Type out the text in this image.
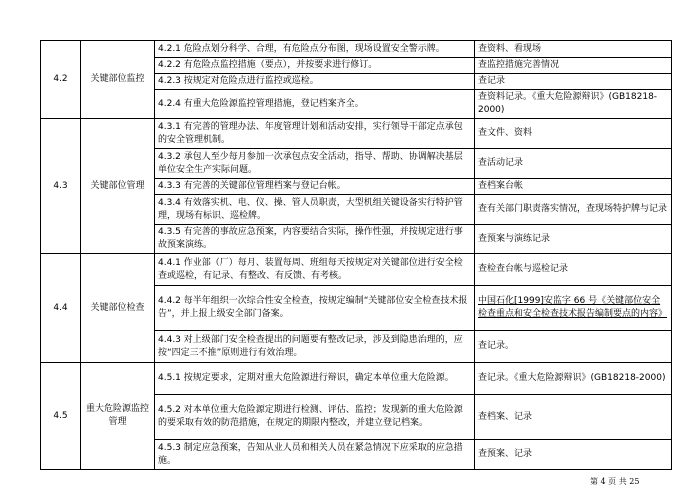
4.2	关键部位监控	4.2.1 危险点划分科学、合理，有危险点分布图，现场设置安全警示牌。	查资料、看现场
		4.2.2 有危险点监控措施（要点），并按要求进行修订。	查监控措施完善情况
		4.2.3 按规定对危险点进行监控或巡检。	查记录
		4.2.4 有重大危险源监控管理措施，登记档案齐全。	查资料记录。《重大危险源辩识》(GB18218-2000)
4.3	关键部位管理	4.3.1 有完善的管理办法、年度管理计划和活动安排，实行领导干部定点承包的安全管理机制。	查文件、资料
		4.3.2 承包人至少每月参加一次承包点安全活动，指导、帮助、协调解决基层单位安全生产实际问题。	查活动记录
		4.3.3 有完善的关键部位管理档案与登记台帐。	查档案台帐
		4.3.4 有效落实机、电、仪、操、管人员职责，大型机组关键设备实行特护管理，现场有标识、巡检牌。	查有关部门职责落实情况，查现场特护牌与记录
		4.3.5 有完善的事故应急预案，内容要结合实际，操作性强，并按规定进行事故预案演练。	查预案与演练记录
4.4	关键部位检查	4.4.1 作业部（厂）每月、装置每周、班组每天按规定对关键部位进行安全检查或巡检，有记录、有整改、有反馈、有考核。	查检查台帐与巡检记录
		4.4.2 每半年组织一次综合性安全检查，按规定编制“关键部位安全检查技术报告”，并上报上级安全部门备案。	中国石化[1999]安监字 66 号《关键部位安全检查重点和安全检查技术报告编制要点的内容》
		4.4.3 对上级部门安全检查提出的问题要有整改记录，涉及到隐患治理的，应按“四定三不推”原则进行有效治理。	查记录。
4.5	重大危险源监控管理	4.5.1 按规定要求，定期对重大危险源进行辩识，确定本单位重大危险源。	查记录。《重大危险源辩识》(GB18218-2000)
		4.5.2 对本单位重大危险源定期进行检测、评估、监控；发现新的重大危险源的要采取有效的防范措施，在规定的期限内整改，并建立登记档案。	查档案、记录
		4.5.3 制定应急预案，告知从业人员和相关人员在紧急情况下应采取的应急措施。	查预案、记录
第 4 页 共 25
